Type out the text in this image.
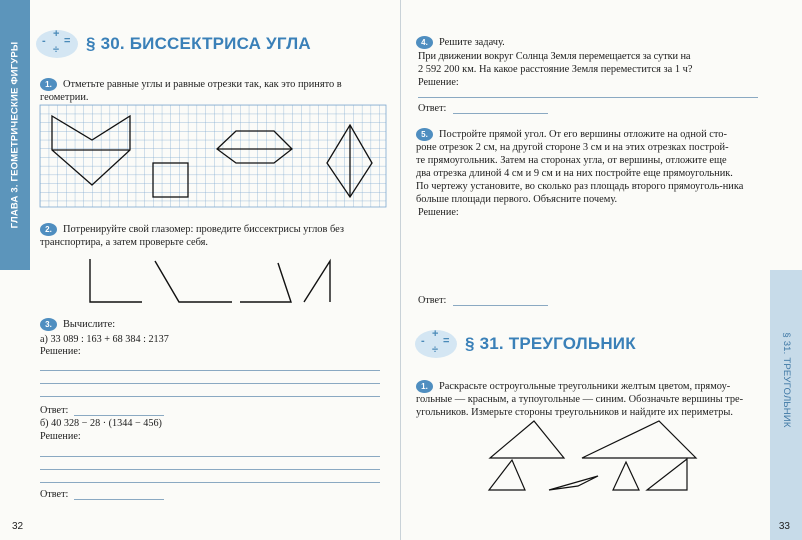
ГЛАВА 3. ГЕОМЕТРИЧЕСКИЕ ФИГУРЫ
-
+
=
÷ § 30. БИССЕКТРИСА УГЛА
1. Отметьте равные углы и равные отрезки так, как это принято в геометрии.
2. Потренируйте свой глазомер: проведите биссектрисы углов без транспортира, а затем проверьте себя.
3. Вычислите:
а) 33 089 : 163 + 68 384 : 2137
Решение:
Ответ:
б) 40 328 − 28 · (1344 − 456)
Решение:
Ответ:
32
§ 31. ТРЕУГОЛЬНИК
4. Решите задачу.
При движении вокруг Солнца Земля перемещается за сутки на
2 592 200 км. На какое расстояние Земля переместится за 1 ч?
Решение:
Ответ:
5. Постройте прямой угол. От его вершины отложите на одной сто-
роне отрезок 2 см, на другой стороне 3 см и на этих отрезках построй-
те прямоугольник. Затем на сторонах угла, от вершины, отложите еще
два отрезка длиной 4 см и 9 см и на них постройте еще прямоугольник.
По чертежу установите, во сколько раз площадь второго прямоуголь-ника
больше площади первого. Объясните почему.
Решение:
Ответ:
-
+
=
÷ § 31. ТРЕУГОЛЬНИК
1. Раскрасьте остроугольные треугольники желтым цветом, прямоу-
гольные — красным, а тупоугольные — синим. Обозначьте вершины тре-
угольников. Измерьте стороны треугольников и найдите их периметры.
33
